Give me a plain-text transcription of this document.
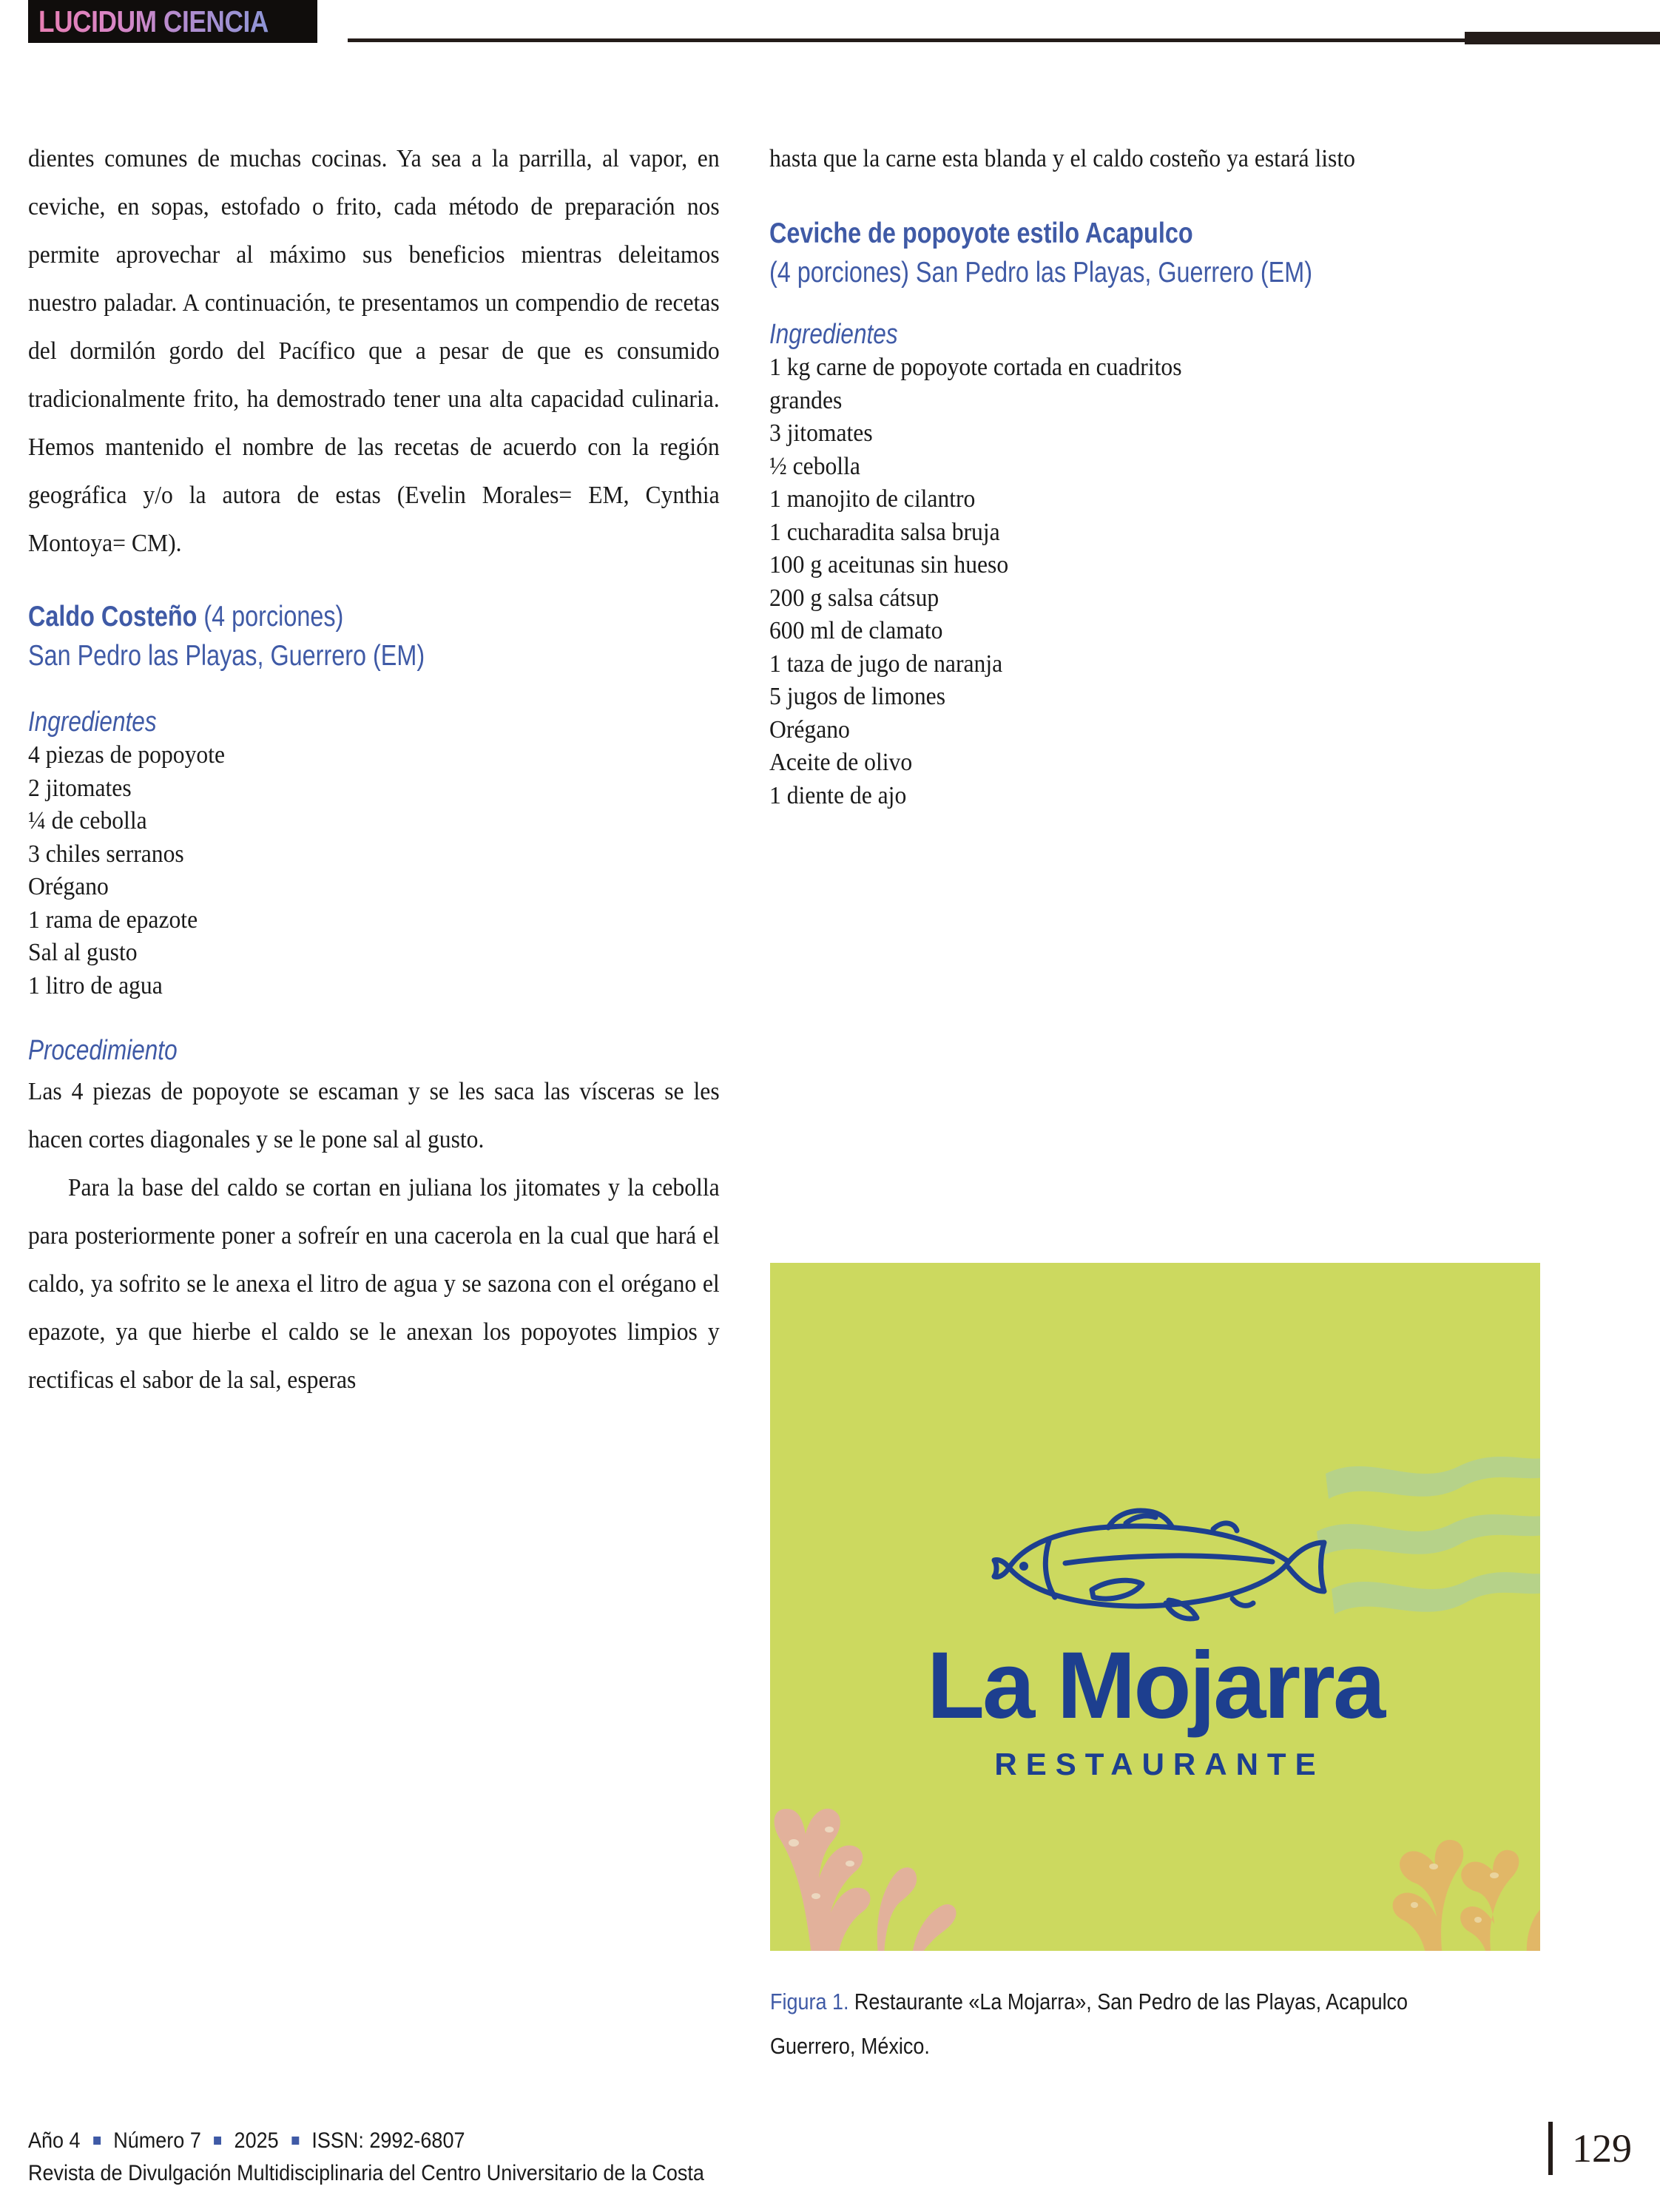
LUCIDUM CIENCIA

dientes comunes de muchas cocinas. Ya sea a la parrilla, al vapor, en ceviche, en sopas, estofado o frito, cada método de preparación nos permite aprovechar al máximo sus beneficios mientras deleitamos nuestro paladar. A continuación, te presentamos un compendio de recetas del dormilón gordo del Pacífico que a pesar de que es consumido tradicionalmente frito, ha demostrado tener una alta capacidad culinaria. Hemos mantenido el nombre de las recetas de acuerdo con la región geográfica y/o la autora de estas (Evelin Morales= EM, Cynthia Montoya= CM).

Caldo Costeño (4 porciones)
San Pedro las Playas, Guerrero (EM)
Ingredientes
4 piezas de popoyote
2 jitomates
¼ de cebolla
3 chiles serranos
Orégano
1 rama de epazote
Sal al gusto
1 litro de agua
Procedimiento

Las 4 piezas de popoyote se escaman y se les saca las vísceras se les hacen cortes diagonales y se le pone sal al gusto.

Para la base del caldo se cortan en juliana los jitomates y la cebolla para posteriormente poner a sofreír en una cacerola en la cual que hará el caldo, ya sofrito se le anexa el litro de agua y se sazona con el orégano el epazote, ya que hierbe el caldo se le anexan los popoyotes limpios y rectificas el sabor de la sal, esperas

hasta que la carne esta blanda y el caldo costeño ya estará listo

Ceviche de popoyote estilo Acapulco
(4 porciones) San Pedro las Playas, Guerrero (EM)
Ingredientes
1 kg carne de popoyote cortada en cuadritos
grandes
3 jitomates
½ cebolla
1 manojito de cilantro
1 cucharadita salsa bruja
100 g aceitunas sin hueso
200 g salsa cátsup
600 ml de clamato
1 taza de jugo de naranja
5 jugos de limones
Orégano
Aceite de olivo
1 diente de ajo
La Mojarra
RESTAURANTE
Figura 1. Restaurante «La Mojarra», San Pedro de las Playas, Acapulco Guerrero, México.
Año 4 Número 7 2025 ISSN: 2992-6807
Revista de Divulgación Multidisciplinaria del Centro Universitario de la Costa
129
